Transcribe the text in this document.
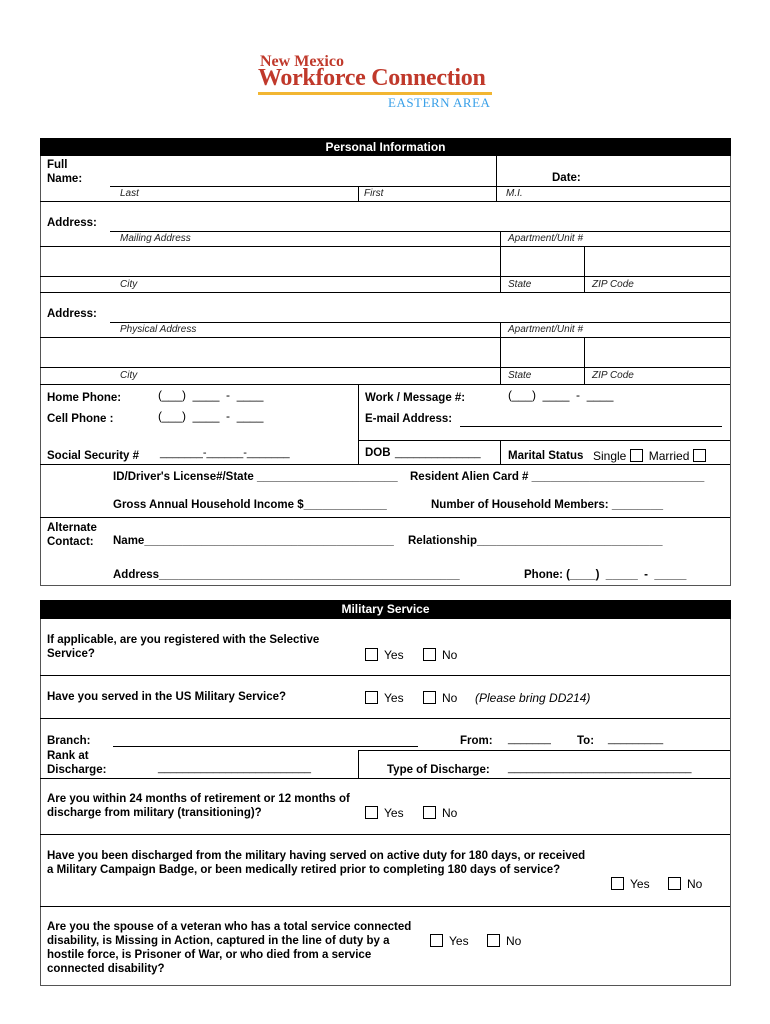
New Mexico
Workforce Connection
EASTERN AREA
Personal Information
Full
Name:	Date:
Last	First	M.I.
Address:
Mailing Address	Apartment/Unit #
City	State	ZIP Code
Address:
Physical Address	Apartment/Unit #
City	State	ZIP Code
Home Phone:	(___)  ____  -  ____	Work / Message #:	(___)  ____  -  ____
Cell Phone :	(___)  ____  -  ____	E-mail Address:
Social Security # _______-______-_______	DOB ______________ Marital Status Single Married
ID/Driver's License#/State ______________________ Resident Alien Card # ___________________________
Gross Annual Household Income $_____________	Number of Household Members: ________
Alternate
Contact: Name_______________________________________ Relationship_____________________________
Address_______________________________________________	Phone: (____)  _____  -  _____
Military Service
If applicable, are you registered with the Selective Service?	Yes	No
Have you served in the US Military Service?	Yes	No (Please bring DD214)
Branch:	From: _______ To: _________
Rank at
Discharge:	_________________________	Type of Discharge: ______________________________
Are you within 24 months of retirement or 12 months of discharge from military (transitioning)?	Yes	No
Have you been discharged from the military having served on active duty for 180 days, or received a Military Campaign Badge, or been medically retired prior to completing 180 days of service?
Yes	No
Are you the spouse of a veteran who has a total service connected disability, is Missing in Action, captured in the line of duty by a hostile force, is Prisoner of War, or who died from a service connected disability?
Yes	No
